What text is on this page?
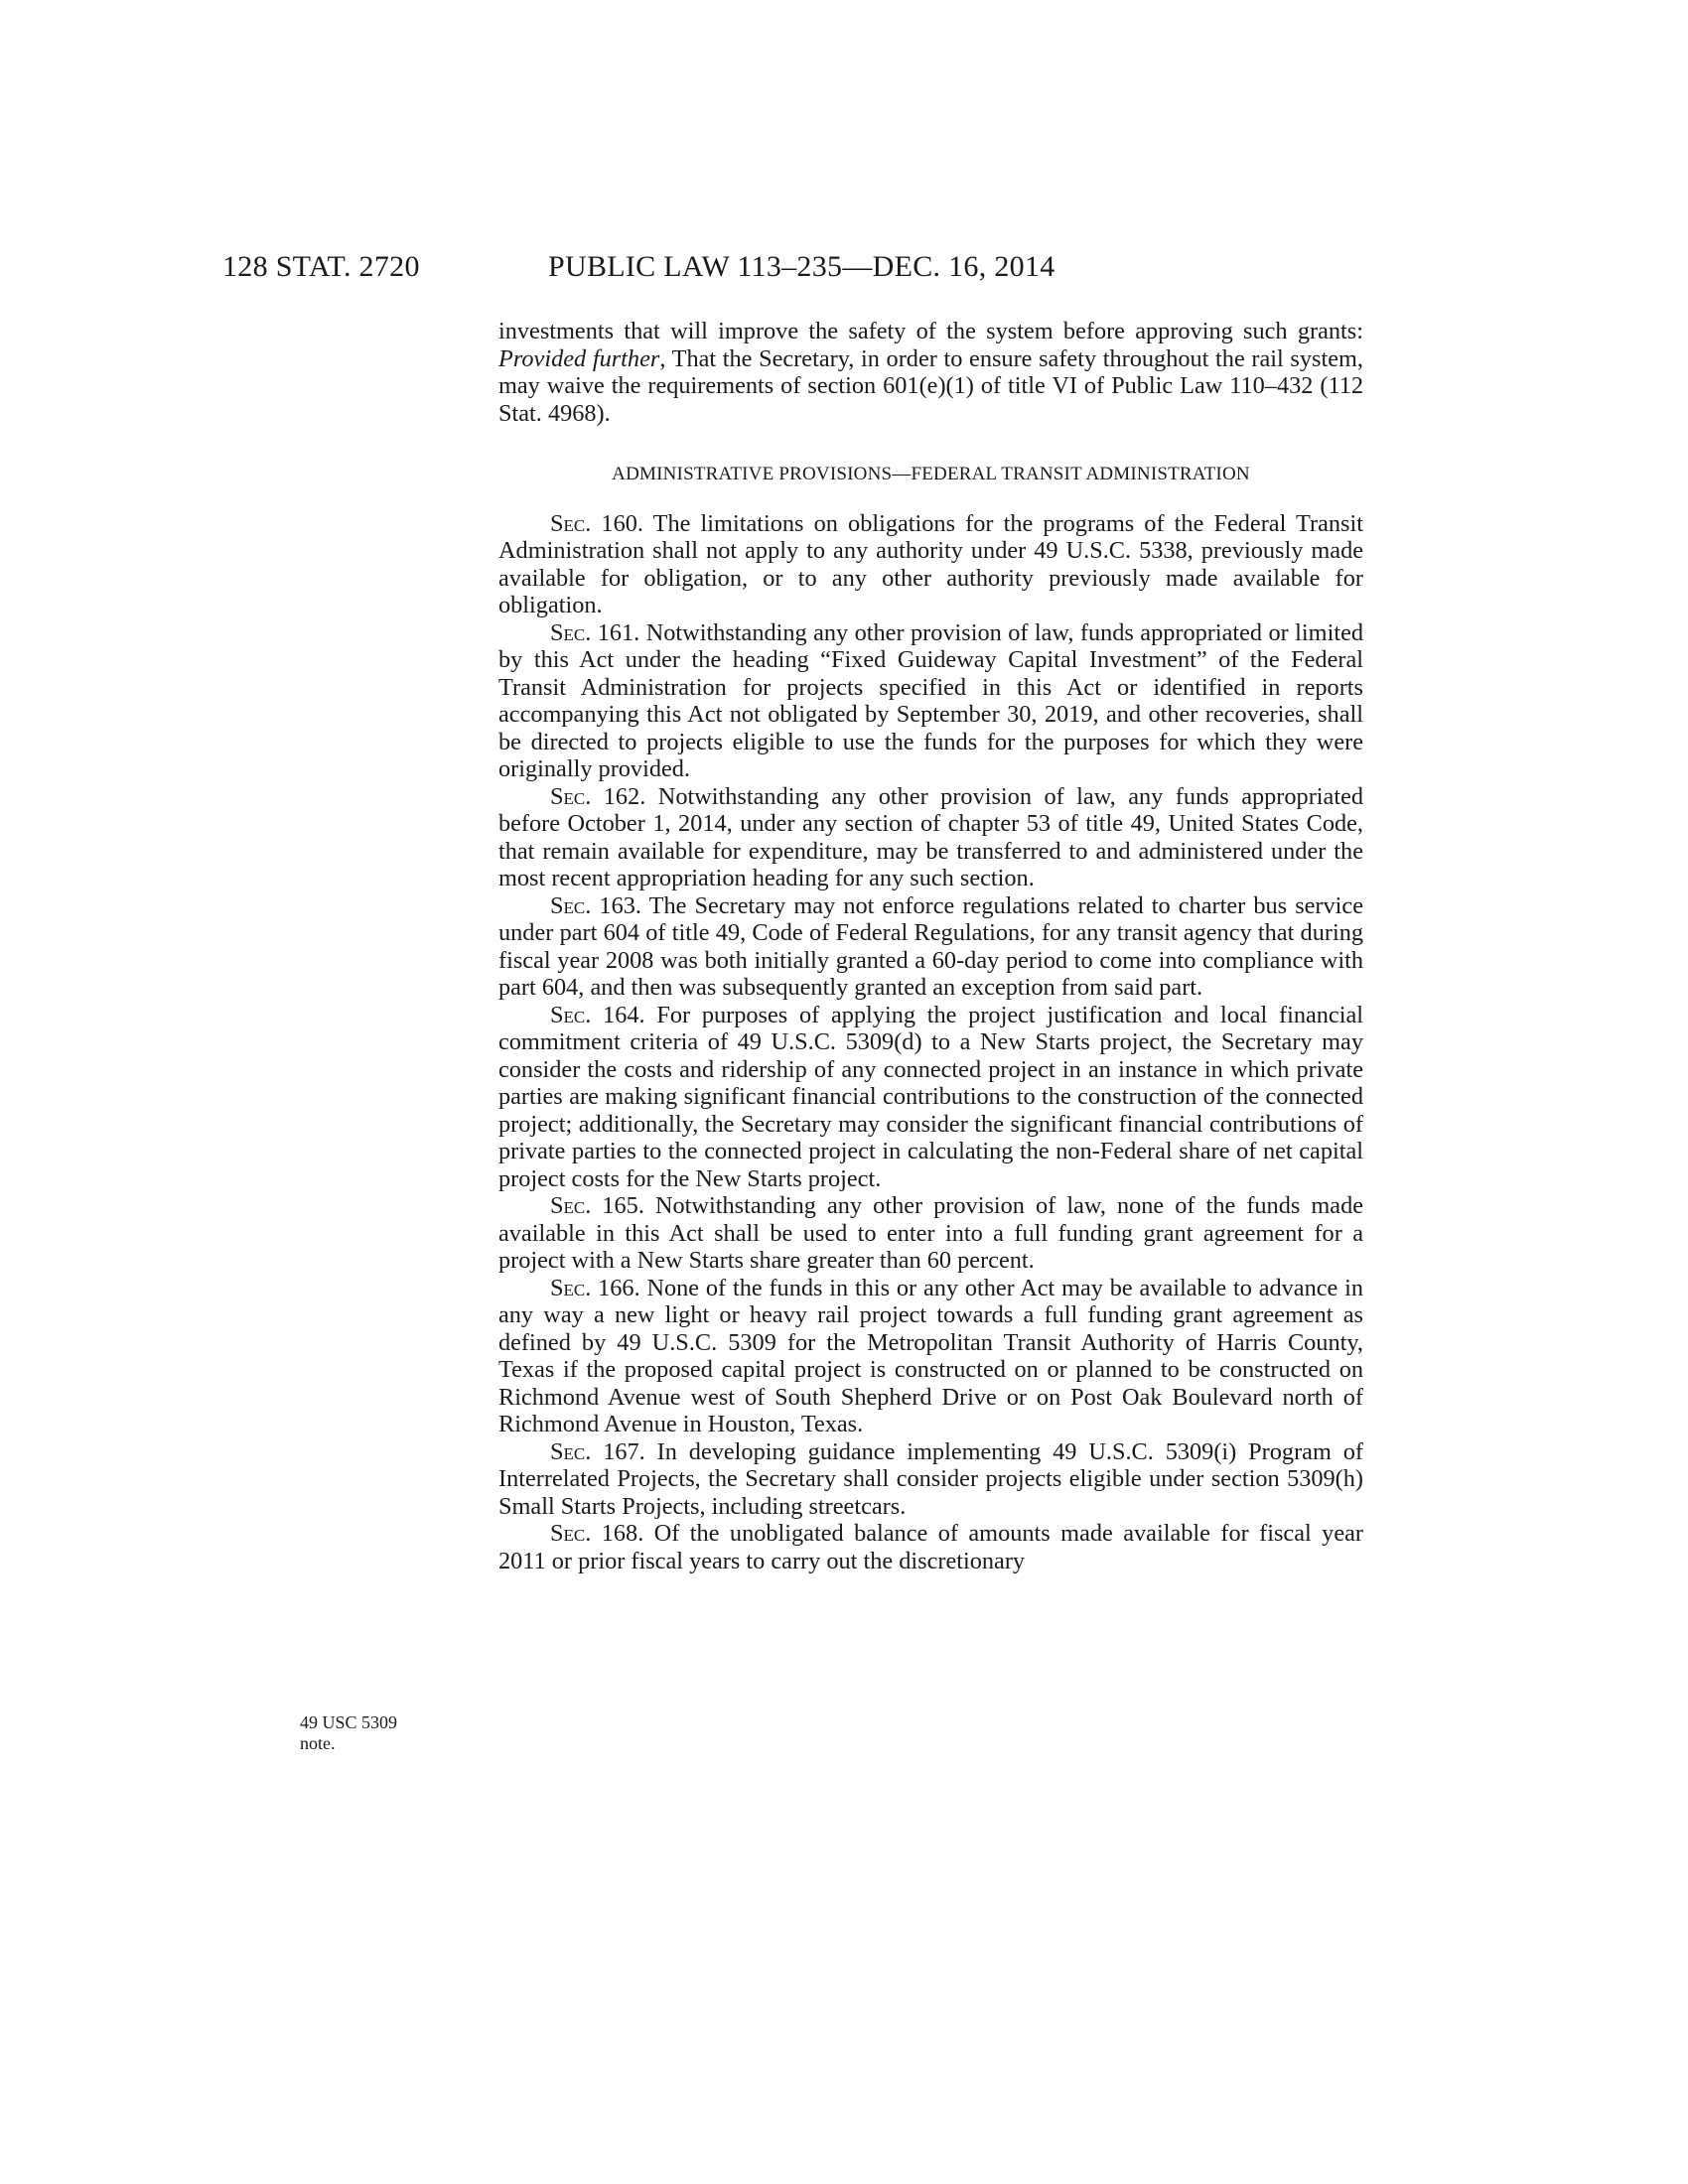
128 STAT. 2720	PUBLIC LAW 113–235—DEC. 16, 2014

investments that will improve the safety of the system before approving such grants: Provided further, That the Secretary, in order to ensure safety throughout the rail system, may waive the requirements of section 601(e)(1) of title VI of Public Law 110–432 (112 Stat. 4968).

ADMINISTRATIVE PROVISIONS—FEDERAL TRANSIT ADMINISTRATION

Sec. 160. The limitations on obligations for the programs of the Federal Transit Administration shall not apply to any authority under 49 U.S.C. 5338, previously made available for obligation, or to any other authority previously made available for obligation.

Sec. 161. Notwithstanding any other provision of law, funds appropriated or limited by this Act under the heading “Fixed Guideway Capital Investment” of the Federal Transit Administration for projects specified in this Act or identified in reports accompanying this Act not obligated by September 30, 2019, and other recoveries, shall be directed to projects eligible to use the funds for the purposes for which they were originally provided.

Sec. 162. Notwithstanding any other provision of law, any funds appropriated before October 1, 2014, under any section of chapter 53 of title 49, United States Code, that remain available for expenditure, may be transferred to and administered under the most recent appropriation heading for any such section.

Sec. 163. The Secretary may not enforce regulations related to charter bus service under part 604 of title 49, Code of Federal Regulations, for any transit agency that during fiscal year 2008 was both initially granted a 60-day period to come into compliance with part 604, and then was subsequently granted an exception from said part.

Sec. 164. For purposes of applying the project justification and local financial commitment criteria of 49 U.S.C. 5309(d) to a New Starts project, the Secretary may consider the costs and ridership of any connected project in an instance in which private parties are making significant financial contributions to the construction of the connected project; additionally, the Secretary may consider the significant financial contributions of private parties to the connected project in calculating the non-Federal share of net capital project costs for the New Starts project.

Sec. 165. Notwithstanding any other provision of law, none of the funds made available in this Act shall be used to enter into a full funding grant agreement for a project with a New Starts share greater than 60 percent.

Sec. 166. None of the funds in this or any other Act may be available to advance in any way a new light or heavy rail project towards a full funding grant agreement as defined by 49 U.S.C. 5309 for the Metropolitan Transit Authority of Harris County, Texas if the proposed capital project is constructed on or planned to be constructed on Richmond Avenue west of South Shepherd Drive or on Post Oak Boulevard north of Richmond Avenue in Houston, Texas.

Sec. 167. In developing guidance implementing 49 U.S.C. 5309(i) Program of Interrelated Projects, the Secretary shall consider projects eligible under section 5309(h) Small Starts Projects, including streetcars.

Sec. 168. Of the unobligated balance of amounts made available for fiscal year 2011 or prior fiscal years to carry out the discretionary

49 USC 5309
note.
